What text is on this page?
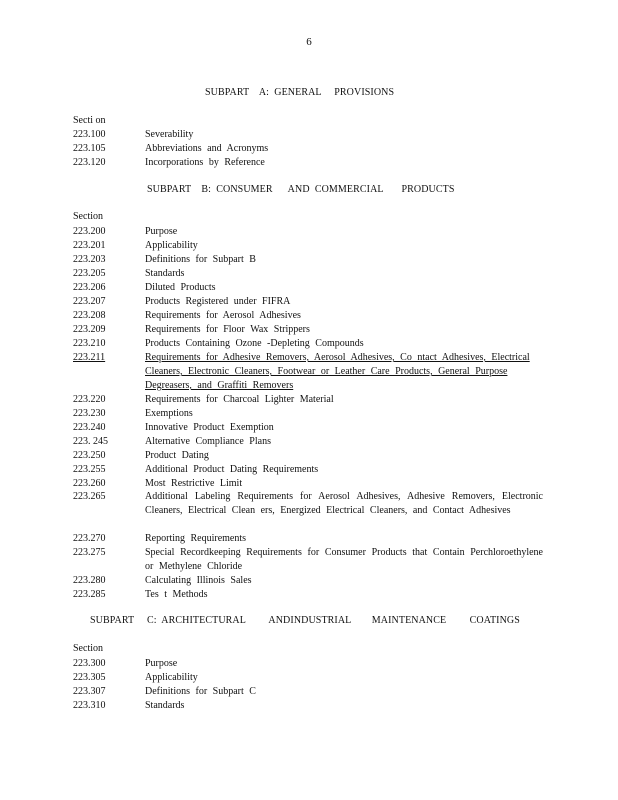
6
SUBPART    A:  GENERAL     PROVISIONS
Secti on
223.100	Severability
223.105	Abbreviations and Acronyms
223.120	Incorporations by Reference
SUBPART    B:  CONSUMER      AND  COMMERCIAL       PRODUCTS
Section
223.200	Purpose
223.201	Applicability
223.203	Definitions for Subpart B
223.205	Standards
223.206	Diluted Products
223.207	Products Registered under FIFRA
223.208	Requirements for Aerosol Adhesives
223.209	Requirements for Floor Wax Strippers
223.210	Products Containing Ozone -Depleting Compounds
223.211	Requirements for Adhesive Removers, Aerosol Adhesives, Co ntact Adhesives, Electrical Cleaners, Electronic Cleaners, Footwear or Leather Care Products, General Purpose Degreasers, and Graffiti Removers
223.220	Requirements for Charcoal Lighter Material
223.230	Exemptions
223.240	Innovative Product Exemption
223. 245	Alternative Compliance Plans
223.250	Product Dating
223.255	Additional Product Dating Requirements
223.260	Most Restrictive Limit
223.265	Additional Labeling Requirements for Aerosol Adhesives, Adhesive Removers, Electronic Cleaners, Electrical Clean ers, Energized Electrical Cleaners, and Contact Adhesives
223.270	Reporting Requirements
223.275	Special Recordkeeping Requirements for Consumer Products that Contain Perchloroethylene or Methylene Chloride
223.280	Calculating Illinois Sales
223.285	Tes t Methods
SUBPART     C:  ARCHITECTURAL         ANDINDUSTRIAL        MAINTENANCE         COATINGS
Section
223.300	Purpose
223.305	Applicability
223.307	Definitions for Subpart C
223.310	Standards
